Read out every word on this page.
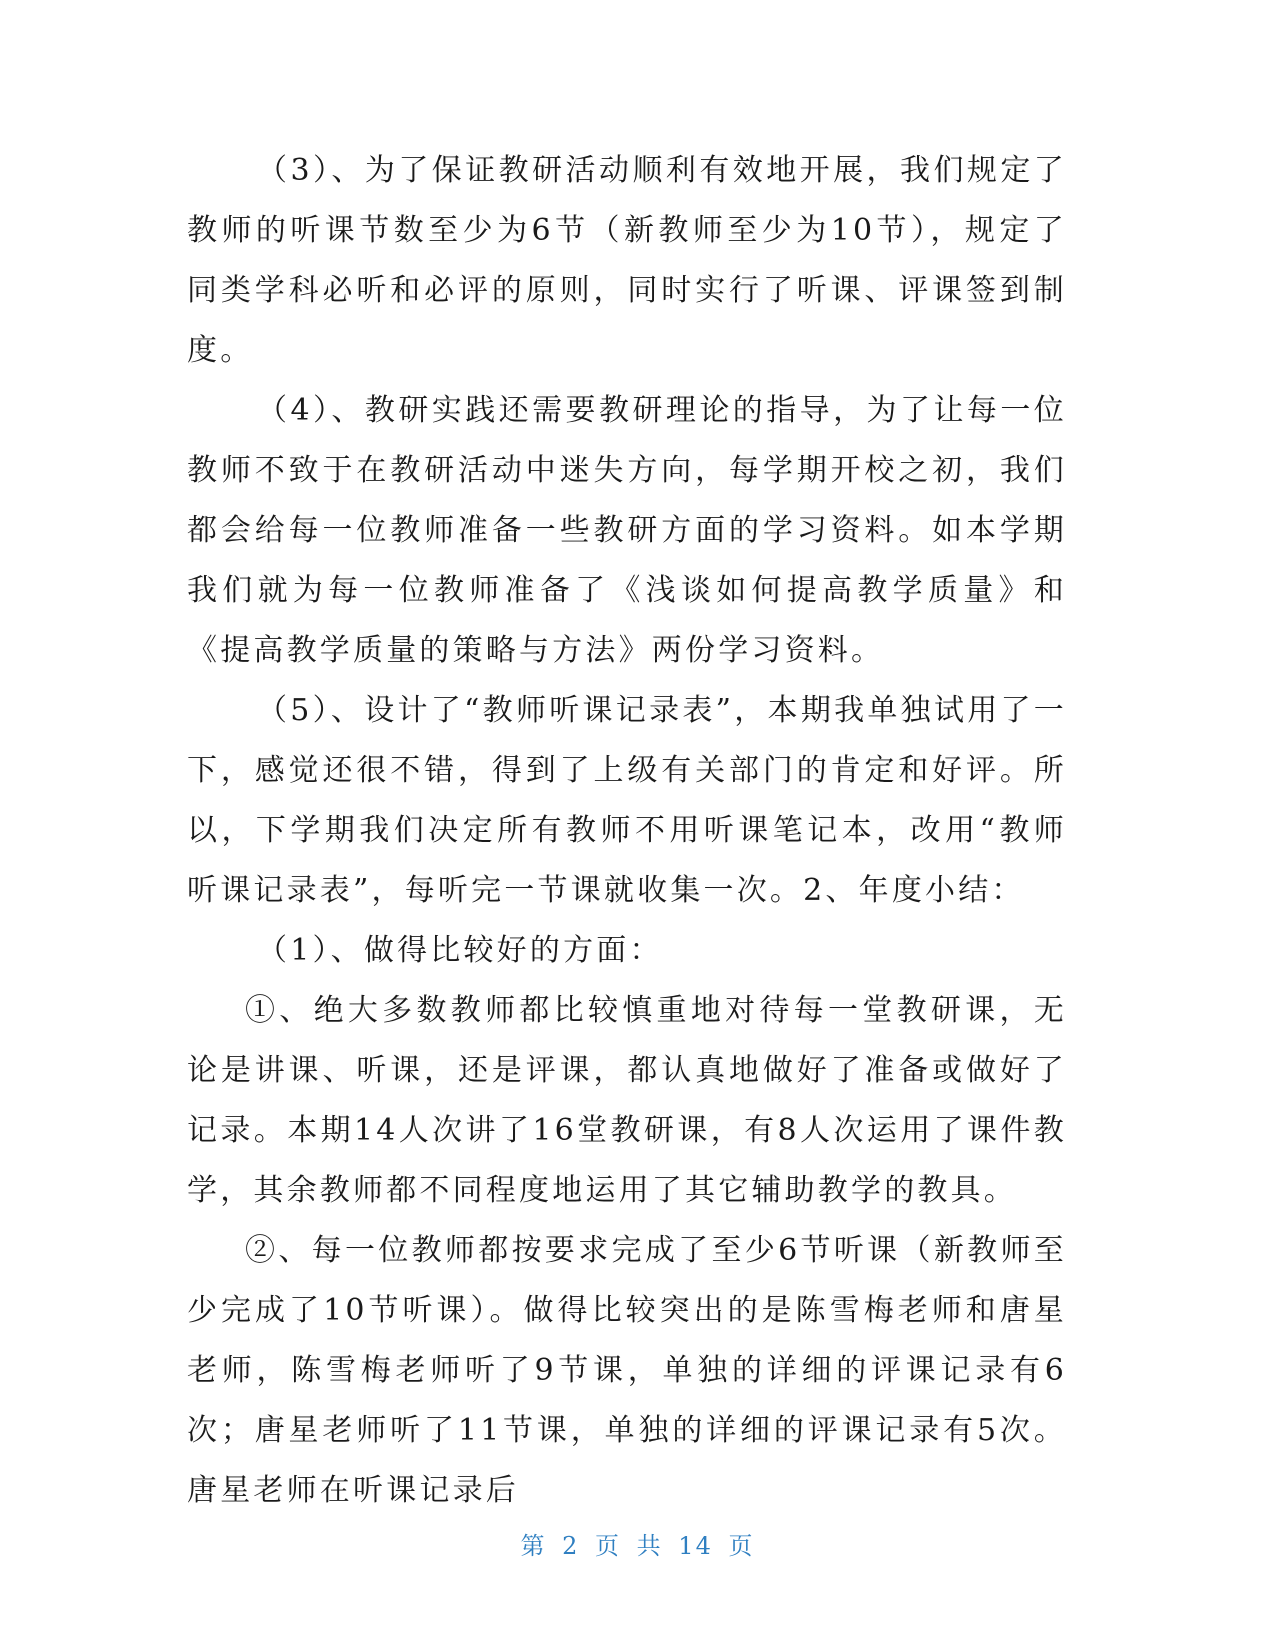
（3）、为了保证教研活动顺利有效地开展，我们规定了教师的听课节数至少为6节（新教师至少为10节），规定了同类学科必听和必评的原则，同时实行了听课、评课签到制度。

（4）、教研实践还需要教研理论的指导，为了让每一位教师不致于在教研活动中迷失方向，每学期开校之初，我们都会给每一位教师准备一些教研方面的学习资料。如本学期我们就为每一位教师准备了《浅谈如何提高教学质量》和《提高教学质量的策略与方法》两份学习资料。

（5）、设计了“教师听课记录表”，本期我单独试用了一下，感觉还很不错，得到了上级有关部门的肯定和好评。所以，下学期我们决定所有教师不用听课笔记本，改用“教师听课记录表”，每听完一节课就收集一次。2、年度小结：

（1）、做得比较好的方面：

①、绝大多数教师都比较慎重地对待每一堂教研课，无论是讲课、听课，还是评课，都认真地做好了准备或做好了记录。本期14人次讲了16堂教研课，有8人次运用了课件教学，其余教师都不同程度地运用了其它辅助教学的教具。

②、每一位教师都按要求完成了至少6节听课（新教师至少完成了10节听课）。做得比较突出的是陈雪梅老师和唐星老师，陈雪梅老师听了9节课，单独的详细的评课记录有6次；唐星老师听了11节课，单独的详细的评课记录有5次。唐星老师在听课记录后

第 2 页 共 14 页
